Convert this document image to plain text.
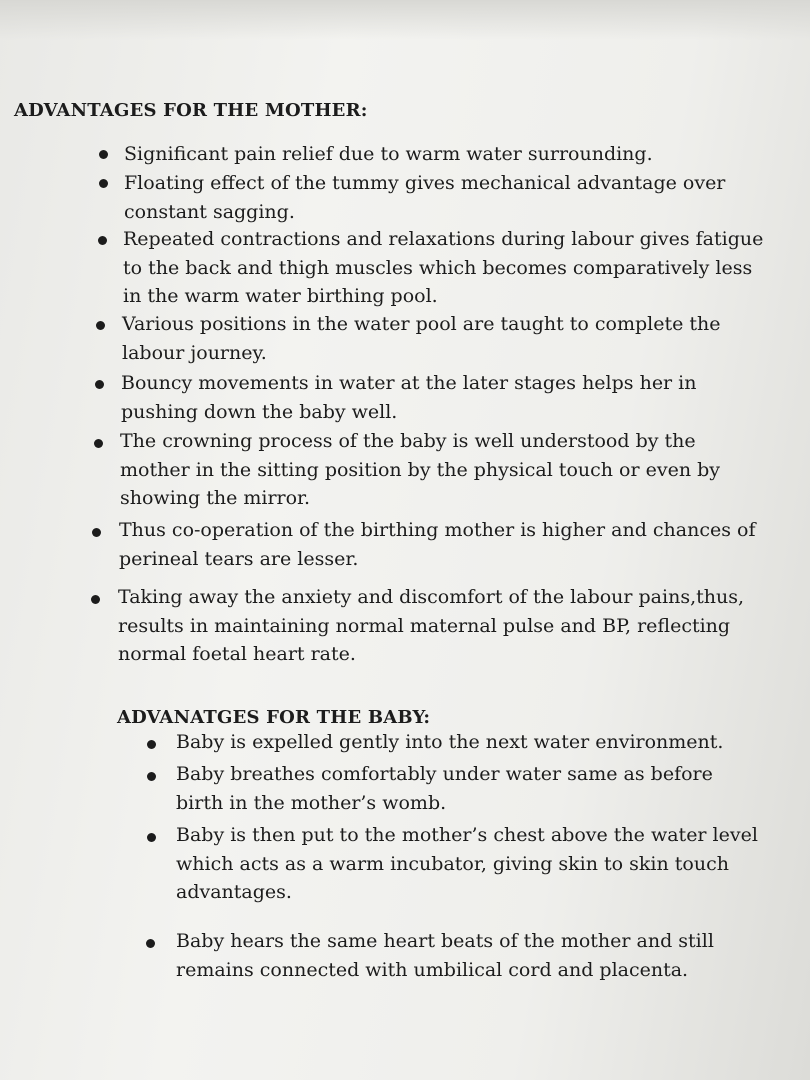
ADVANTAGES FOR THE MOTHER:
Significant pain relief due to warm water surrounding.
Floating effect of the tummy gives mechanical advantage over
constant sagging.
Repeated contractions and relaxations during labour gives fatigue
to the back and thigh muscles which becomes comparatively less
in the warm water birthing pool.
Various positions in the water pool are taught to complete the
labour journey.
Bouncy movements in water at the later stages helps her in
pushing down the baby well.
The crowning process of the baby is well understood by the
mother in the sitting position by the physical touch or even by
showing the mirror.
Thus co-operation of the birthing mother is higher and chances of
perineal tears are lesser.
Taking away the anxiety and discomfort of the labour pains,thus,
results in maintaining normal maternal pulse and BP, reflecting
normal foetal heart rate.
ADVANATGES FOR THE BABY:
Baby is expelled gently into the next water environment.
Baby breathes comfortably under water same as before
birth in the mother’s womb.
Baby is then put to the mother’s chest above the water level
which acts as a warm incubator, giving skin to skin touch
advantages.
Baby hears the same heart beats of the mother and still
remains connected with umbilical cord and placenta.
